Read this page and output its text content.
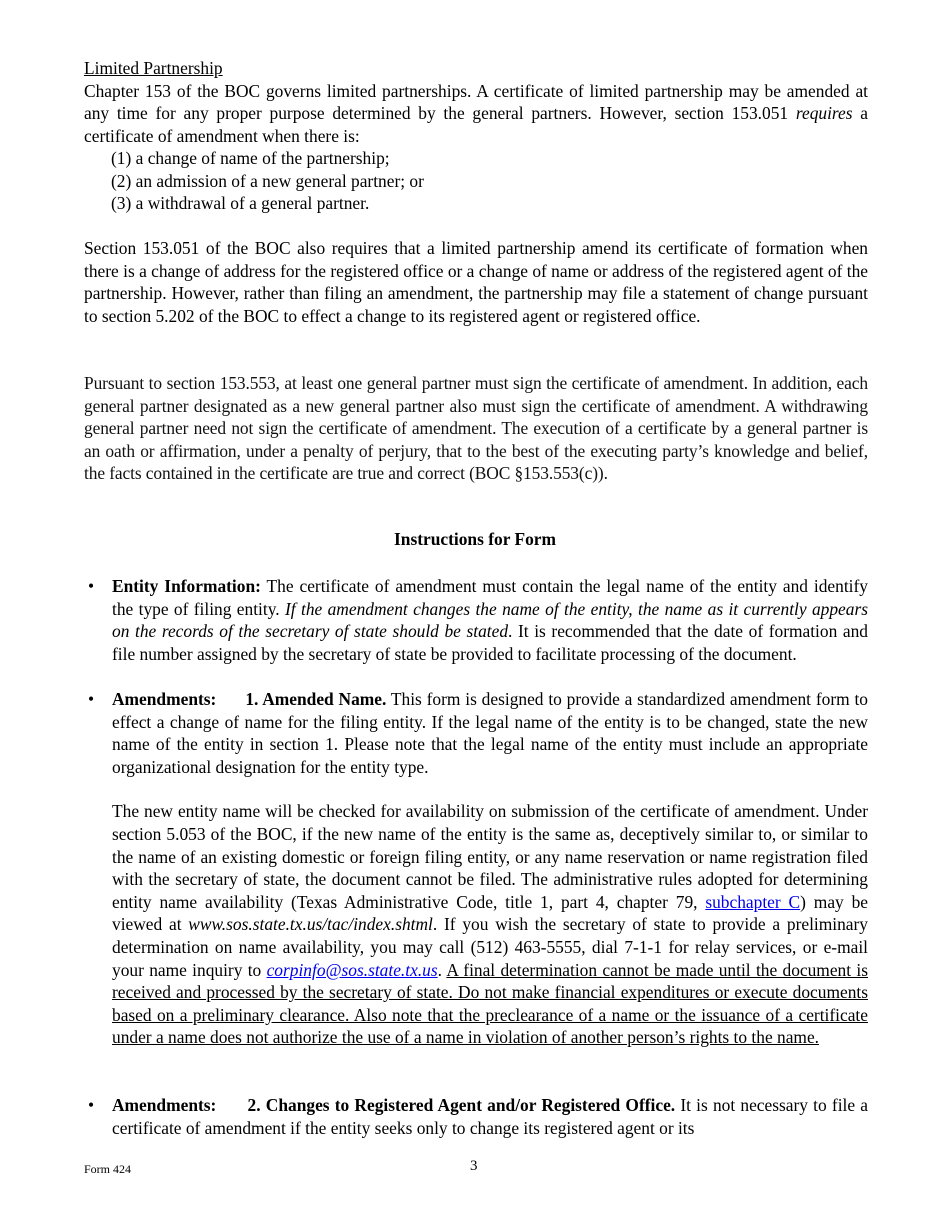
Limited Partnership

Chapter 153 of the BOC governs limited partnerships. A certificate of limited partnership may be amended at any time for any proper purpose determined by the general partners. However, section 153.051 requires a certificate of amendment when there is:

(1) a change of name of the partnership;
(2) an admission of a new general partner; or
(3) a withdrawal of a general partner.

Section 153.051 of the BOC also requires that a limited partnership amend its certificate of formation when there is a change of address for the registered office or a change of name or address of the registered agent of the partnership. However, rather than filing an amendment, the partnership may file a statement of change pursuant to section 5.202 of the BOC to effect a change to its registered agent or registered office.

Pursuant to section 153.553, at least one general partner must sign the certificate of amendment. In addition, each general partner designated as a new general partner also must sign the certificate of amendment. A withdrawing general partner need not sign the certificate of amendment. The execution of a certificate by a general partner is an oath or affirmation, under a penalty of perjury, that to the best of the executing party’s knowledge and belief, the facts contained in the certificate are true and correct (BOC §153.553(c)).

Instructions for Form
• Entity Information: The certificate of amendment must contain the legal name of the entity and identify the type of filing entity. If the amendment changes the name of the entity, the name as it currently appears on the records of the secretary of state should be stated. It is recommended that the date of formation and file number assigned by the secretary of state be provided to facilitate processing of the document.

• Amendments: 1. Amended Name. This form is designed to provide a standardized amendment form to effect a change of name for the filing entity. If the legal name of the entity is to be changed, state the new name of the entity in section 1. Please note that the legal name of the entity must include an appropriate organizational designation for the entity type.

The new entity name will be checked for availability on submission of the certificate of amendment. Under section 5.053 of the BOC, if the new name of the entity is the same as, deceptively similar to, or similar to the name of an existing domestic or foreign filing entity, or any name reservation or name registration filed with the secretary of state, the document cannot be filed. The administrative rules adopted for determining entity name availability (Texas Administrative Code, title 1, part 4, chapter 79, subchapter C) may be viewed at www.sos.state.tx.us/tac/index.shtml. If you wish the secretary of state to provide a preliminary determination on name availability, you may call (512) 463-5555, dial 7-1-1 for relay services, or e-mail your name inquiry to corpinfo@sos.state.tx.us. A final determination cannot be made until the document is received and processed by the secretary of state. Do not make financial expenditures or execute documents based on a preliminary clearance. Also note that the preclearance of a name or the issuance of a certificate under a name does not authorize the use of a name in violation of another person’s rights to the name.

• Amendments: 2. Changes to Registered Agent and/or Registered Office. It is not necessary to file a certificate of amendment if the entity seeks only to change its registered agent or its

Form 424	3
